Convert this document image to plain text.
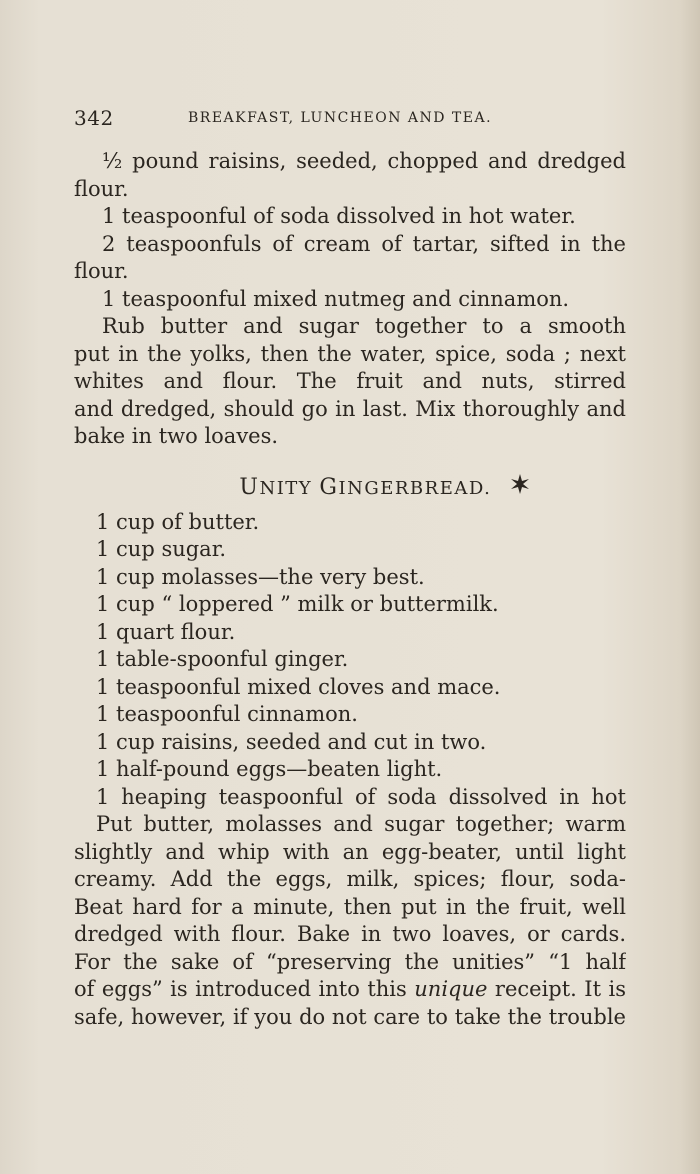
342	BREAKFAST, LUNCHEON AND TEA.
½ pound raisins, seeded, chopped and dredged
flour.
1 teaspoonful of soda dissolved in hot water.
2 teaspoonfuls of cream of tartar, sifted in the
flour.
1 teaspoonful mixed nutmeg and cinnamon.
Rub butter and sugar together to a smooth
put in the yolks, then the water, spice, soda ; next
whites and flour. The fruit and nuts, stirred
and dredged, should go in last. Mix thoroughly and
bake in two loaves.
UNITY GINGERBREAD.
1 cup of butter.
1 cup sugar.
1 cup molasses—the very best.
1 cup “ loppered ” milk or buttermilk.
1 quart flour.
1 table-spoonful ginger.
1 teaspoonful mixed cloves and mace.
1 teaspoonful cinnamon.
1 cup raisins, seeded and cut in two.
1 half-pound eggs—beaten light.
1 heaping teaspoonful of soda dissolved in hot
Put butter, molasses and sugar together; warm
slightly and whip with an egg-beater, until light
creamy. Add the eggs, milk, spices; flour, soda-
Beat hard for a minute, then put in the fruit, well
dredged with flour. Bake in two loaves, or cards.
For the sake of “preserving the unities” “1 half
of eggs” is introduced into this unique receipt. It is
safe, however, if you do not care to take the trouble
